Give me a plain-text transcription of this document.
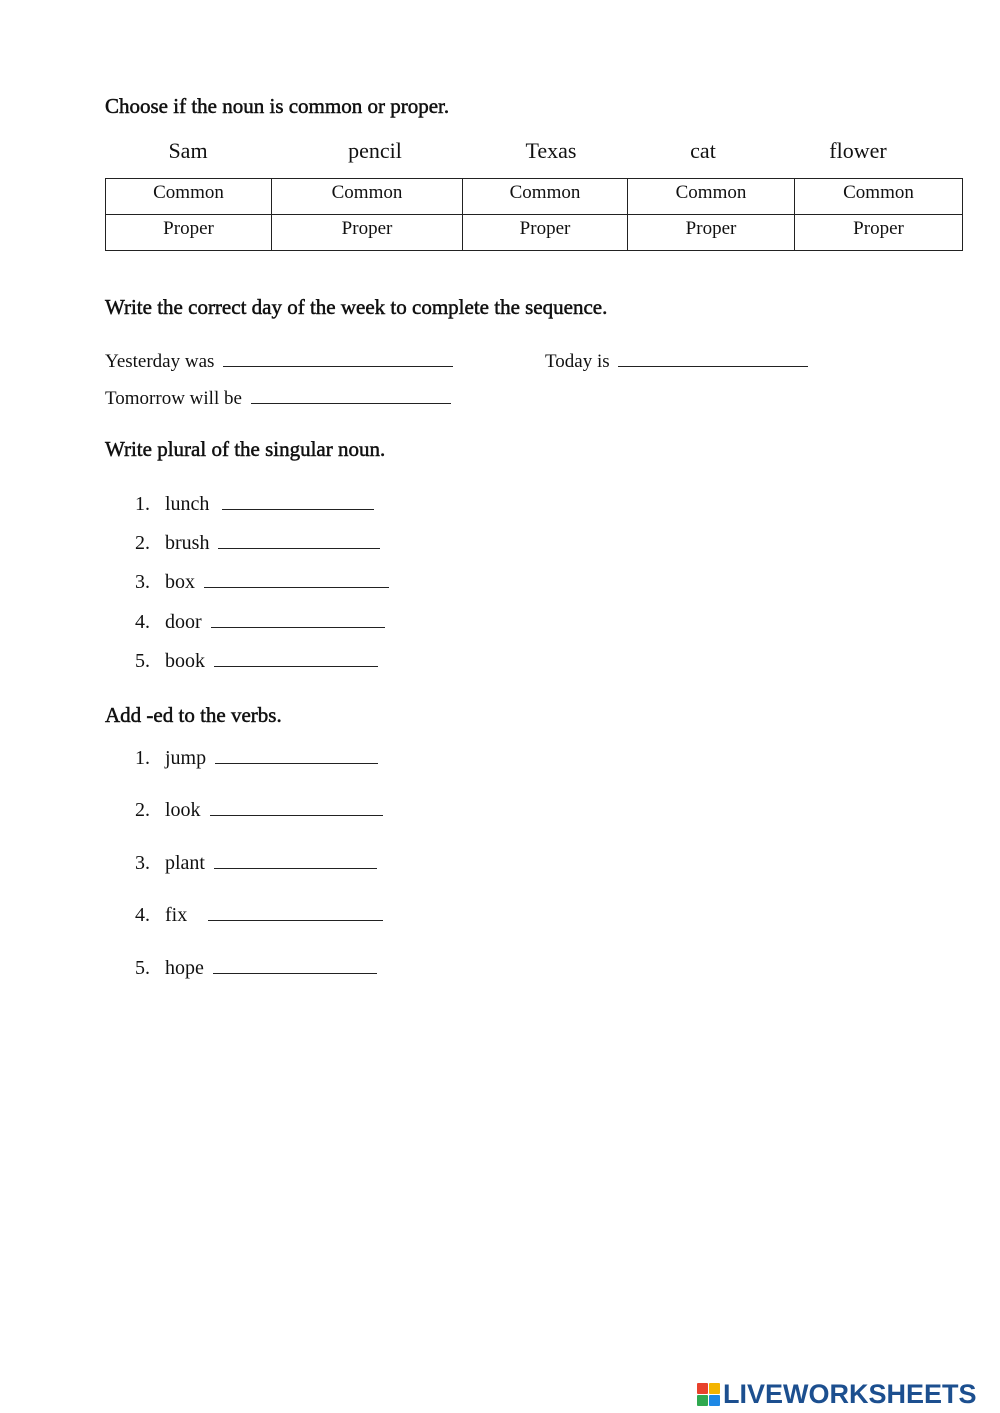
Choose if the noun is common or proper.
Sam	pencil	Texas	cat	flower
Common	Common	Common	Common	Common
Proper	Proper	Proper	Proper	Proper
Write the correct day of the week to complete the sequence.
Yesterday was	Today is
Tomorrow will be
Write plural of the singular noun.
1. lunch
2. brush
3. box
4. door
5. book
Add -ed to the verbs.
1. jump
2. look
3. plant
4. fix
5. hope
LIVEWORKSHEETS
